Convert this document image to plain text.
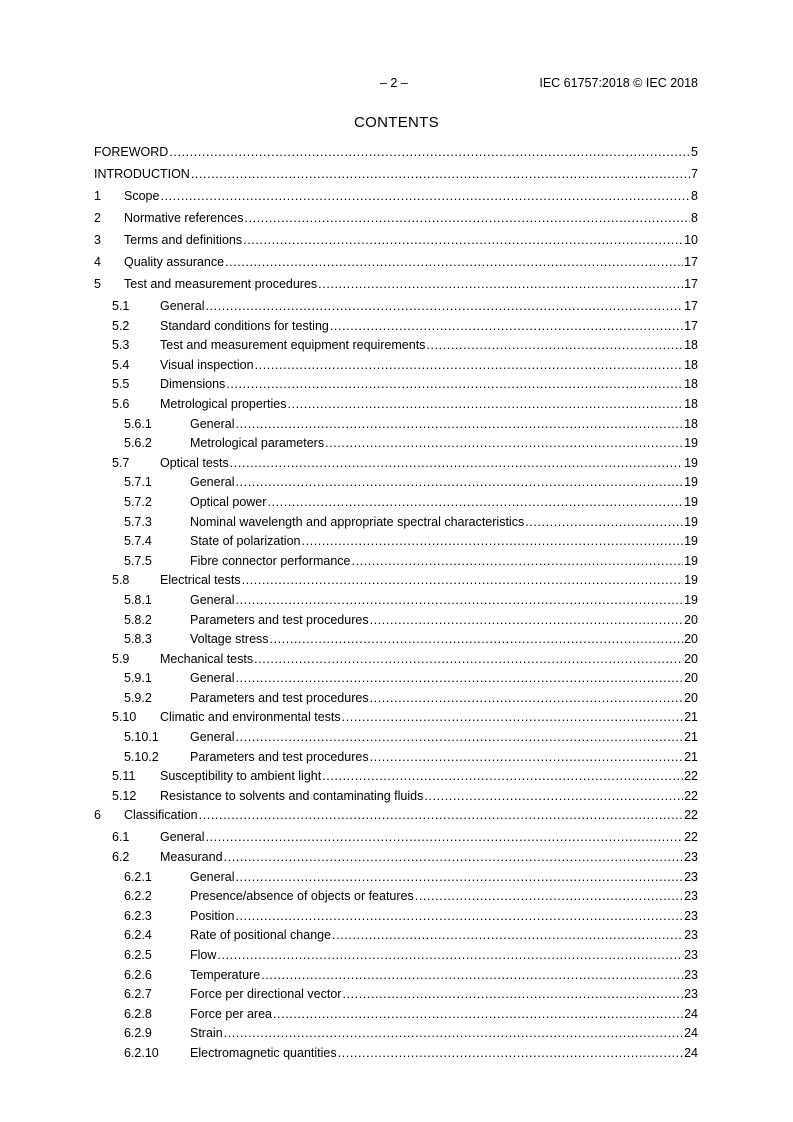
– 2 –	IEC 61757:2018 © IEC 2018
CONTENTS
FOREWORD .....	5
INTRODUCTION .....	7
1 Scope .....	8
2 Normative references .....	8
3 Terms and definitions .....	10
4 Quality assurance .....	17
5 Test and measurement procedures .....	17
5.1 General .....	17
5.2 Standard conditions for testing .....	17
5.3 Test and measurement equipment requirements .....	18
5.4 Visual inspection .....	18
5.5 Dimensions .....	18
5.6 Metrological properties .....	18
5.6.1	General .....	18
5.6.2	Metrological parameters .....	19
5.7 Optical tests .....	19
5.7.1	General .....	19
5.7.2	Optical power .....	19
5.7.3	Nominal wavelength and appropriate spectral characteristics .....	19
5.7.4	State of polarization .....	19
5.7.5	Fibre connector performance .....	19
5.8 Electrical tests .....	19
5.8.1	General .....	19
5.8.2	Parameters and test procedures .....	20
5.8.3	Voltage stress .....	20
5.9 Mechanical tests .....	20
5.9.1	General .....	20
5.9.2	Parameters and test procedures .....	20
5.10 Climatic and environmental tests .....	21
5.10.1 General .....	21
5.10.2 Parameters and test procedures .....	21
5.11 Susceptibility to ambient light .....	22
5.12 Resistance to solvents and contaminating fluids .....	22
6 Classification .....	22
6.1 General .....	22
6.2 Measurand .....	23
6.2.1	General .....	23
6.2.2	Presence/absence of objects or features .....	23
6.2.3	Position .....	23
6.2.4	Rate of positional change .....	23
6.2.5	Flow .....	23
6.2.6	Temperature .....	23
6.2.7	Force per directional vector .....	23
6.2.8	Force per area .....	24
6.2.9	Strain .....	24
6.2.10 Electromagnetic quantities .....	24
